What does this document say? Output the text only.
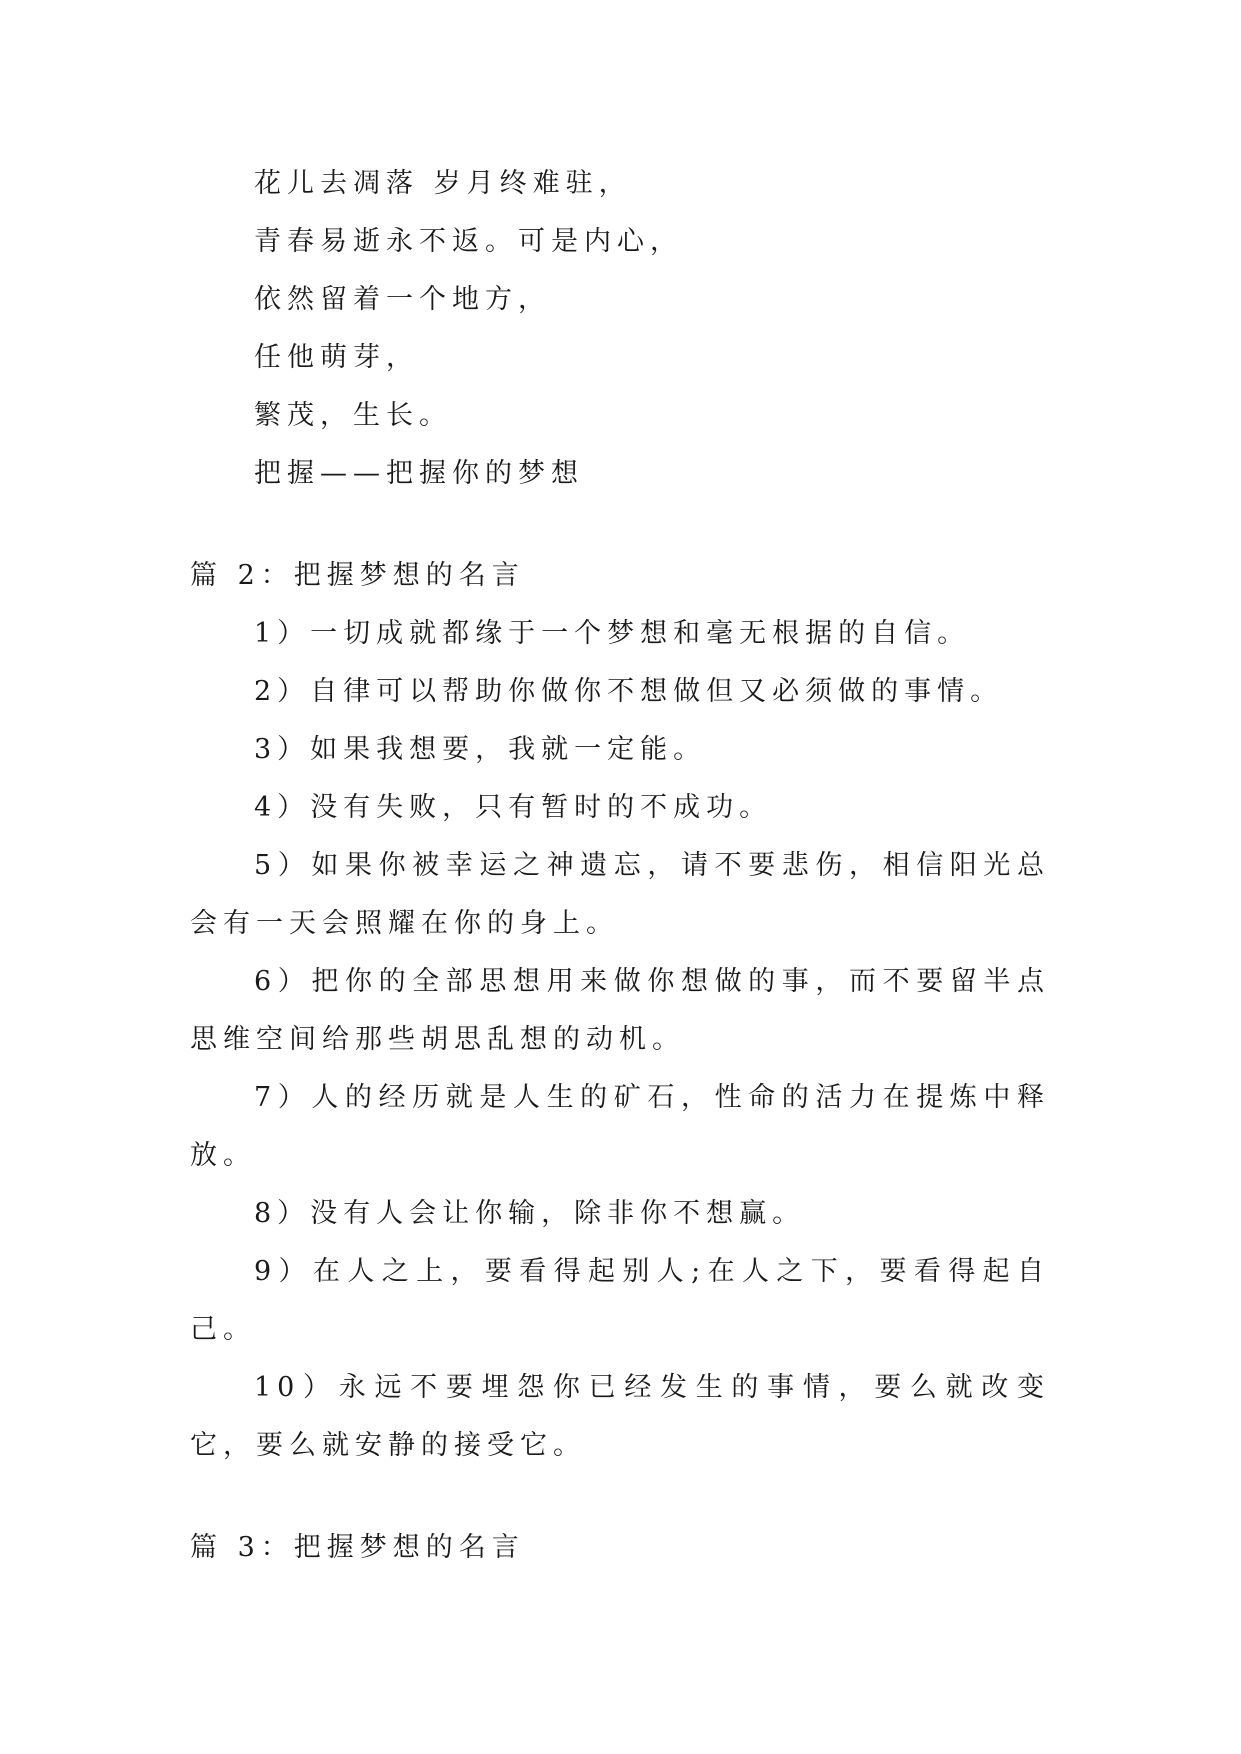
花儿去凋落 岁月终难驻，
青春易逝永不返。可是内心，
依然留着一个地方，
任他萌芽，
繁茂，生长。
把握——把握你的梦想
篇 2：把握梦想的名言
1）一切成就都缘于一个梦想和毫无根据的自信。
2）自律可以帮助你做你不想做但又必须做的事情。
3）如果我想要，我就一定能。
4）没有失败，只有暂时的不成功。
5）如果你被幸运之神遗忘，请不要悲伤，相信阳光总会有一天会照耀在你的身上。
6）把你的全部思想用来做你想做的事，而不要留半点思维空间给那些胡思乱想的动机。
7）人的经历就是人生的矿石，性命的活力在提炼中释放。
8）没有人会让你输，除非你不想赢。
9）在人之上，要看得起别人;在人之下，要看得起自己。
10）永远不要埋怨你已经发生的事情，要么就改变它，要么就安静的接受它。
篇 3：把握梦想的名言
